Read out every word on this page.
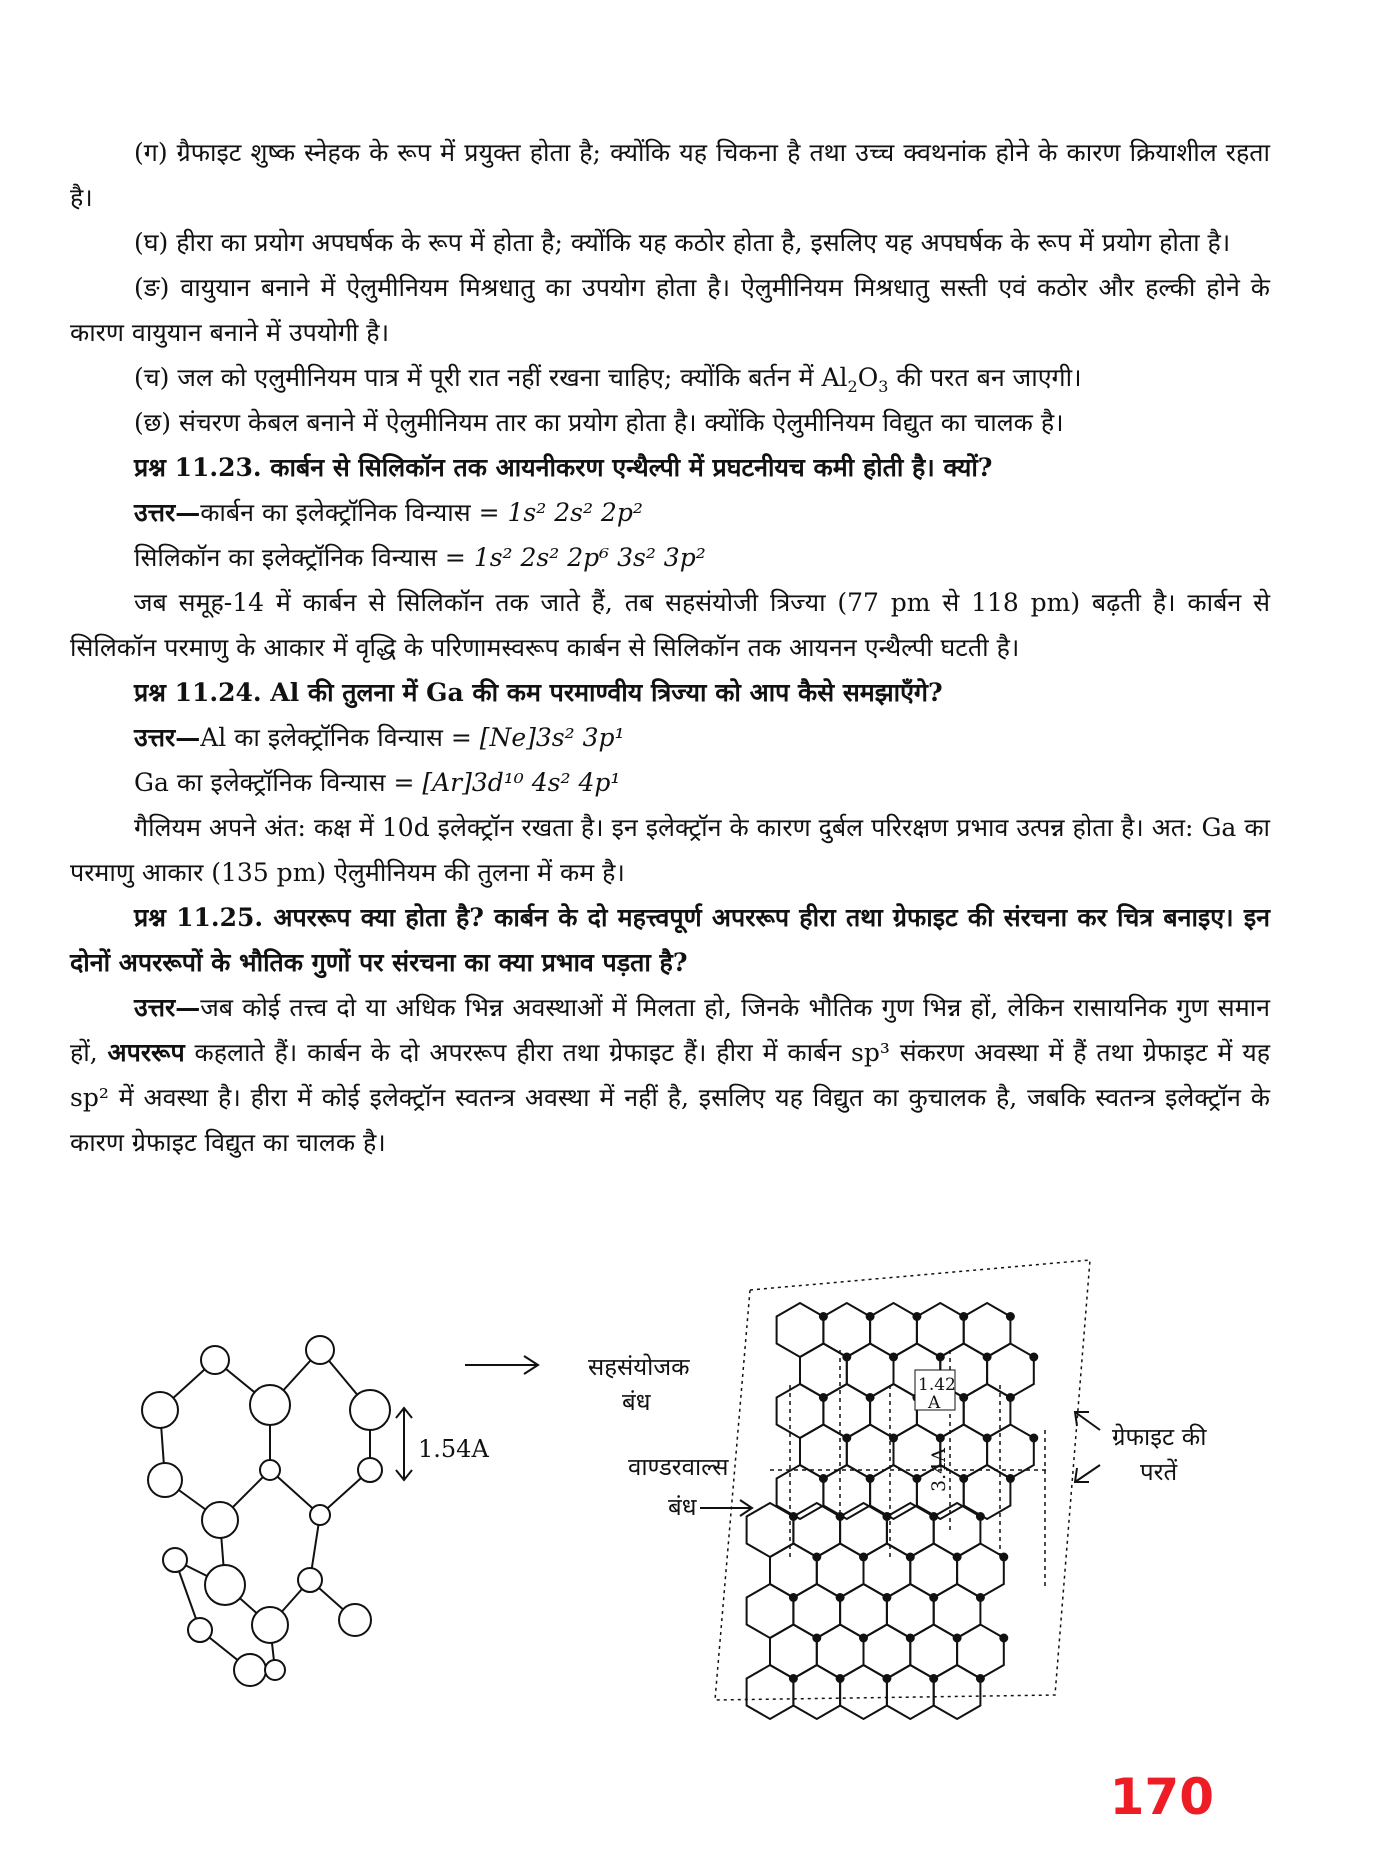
(ग) ग्रैफाइट शुष्क स्नेहक के रूप में प्रयुक्त होता है; क्योंकि यह चिकना है तथा उच्च क्वथनांक होने के कारण क्रियाशील रहता है।

(घ) हीरा का प्रयोग अपघर्षक के रूप में होता है; क्योंकि यह कठोर होता है, इसलिए यह अपघर्षक के रूप में प्रयोग होता है।

(ङ) वायुयान बनाने में ऐलुमीनियम मिश्रधातु का उपयोग होता है। ऐलुमीनियम मिश्रधातु सस्ती एवं कठोर और हल्की होने के कारण वायुयान बनाने में उपयोगी है।

(च) जल को एलुमीनियम पात्र में पूरी रात नहीं रखना चाहिए; क्योंकि बर्तन में $Al_2O_3$ की परत बन जाएगी।

(छ) संचरण केबल बनाने में ऐलुमीनियम तार का प्रयोग होता है। क्योंकि ऐलुमीनियम विद्युत का चालक है।

प्रश्न 11.23. कार्बन से सिलिकॉन तक आयनीकरण एन्थैल्पी में प्रघटनीयच कमी होती है। क्यों?

उत्तर—कार्बन का इलेक्ट्रॉनिक विन्यास = 1s² 2s² 2p²

सिलिकॉन का इलेक्ट्रॉनिक विन्यास = 1s² 2s² 2p⁶ 3s² 3p²

जब समूह-14 में कार्बन से सिलिकॉन तक जाते हैं, तब सहसंयोजी त्रिज्या (77 pm से 118 pm) बढ़ती है। कार्बन से सिलिकॉन परमाणु के आकार में वृद्धि के परिणामस्वरूप कार्बन से सिलिकॉन तक आयनन एन्थैल्पी घटती है।

प्रश्न 11.24. Al की तुलना में Ga की कम परमाण्वीय त्रिज्या को आप कैसे समझाएँगे?

उत्तर—Al का इलेक्ट्रॉनिक विन्यास = [Ne]3s² 3p¹

Ga का इलेक्ट्रॉनिक विन्यास = [Ar]3d¹⁰ 4s² 4p¹

गैलियम अपने अंत: कक्ष में 10d इलेक्ट्रॉन रखता है। इन इलेक्ट्रॉन के कारण दुर्बल परिरक्षण प्रभाव उत्पन्न होता है। अत: Ga का परमाणु आकार (135 pm) ऐलुमीनियम की तुलना में कम है।

प्रश्न 11.25. अपररूप क्या होता है? कार्बन के दो महत्त्वपूर्ण अपररूप हीरा तथा ग्रेफाइट की संरचना कर चित्र बनाइए। इन दोनों अपररूपों के भौतिक गुणों पर संरचना का क्या प्रभाव पड़ता है?

उत्तर—जब कोई तत्त्व दो या अधिक भिन्न अवस्थाओं में मिलता हो, जिनके भौतिक गुण भिन्न हों, लेकिन रासायनिक गुण समान हों, अपररूप कहलाते हैं। कार्बन के दो अपररूप हीरा तथा ग्रेफाइट हैं। हीरा में कार्बन sp³ संकरण अवस्था में हैं तथा ग्रेफाइट में यह sp² में अवस्था है। हीरा में कोई इलेक्ट्रॉन स्वतन्त्र अवस्था में नहीं है, इसलिए यह विद्युत का कुचालक है, जबकि स्वतन्त्र इलेक्ट्रॉन के कारण ग्रेफाइट विद्युत का चालक है।

1.54A
सहसंयोजक
बंध
वाण्डरवाल्स
बंध
1.42
A
3.4A
ग्रेफाइट की
परतें
170
